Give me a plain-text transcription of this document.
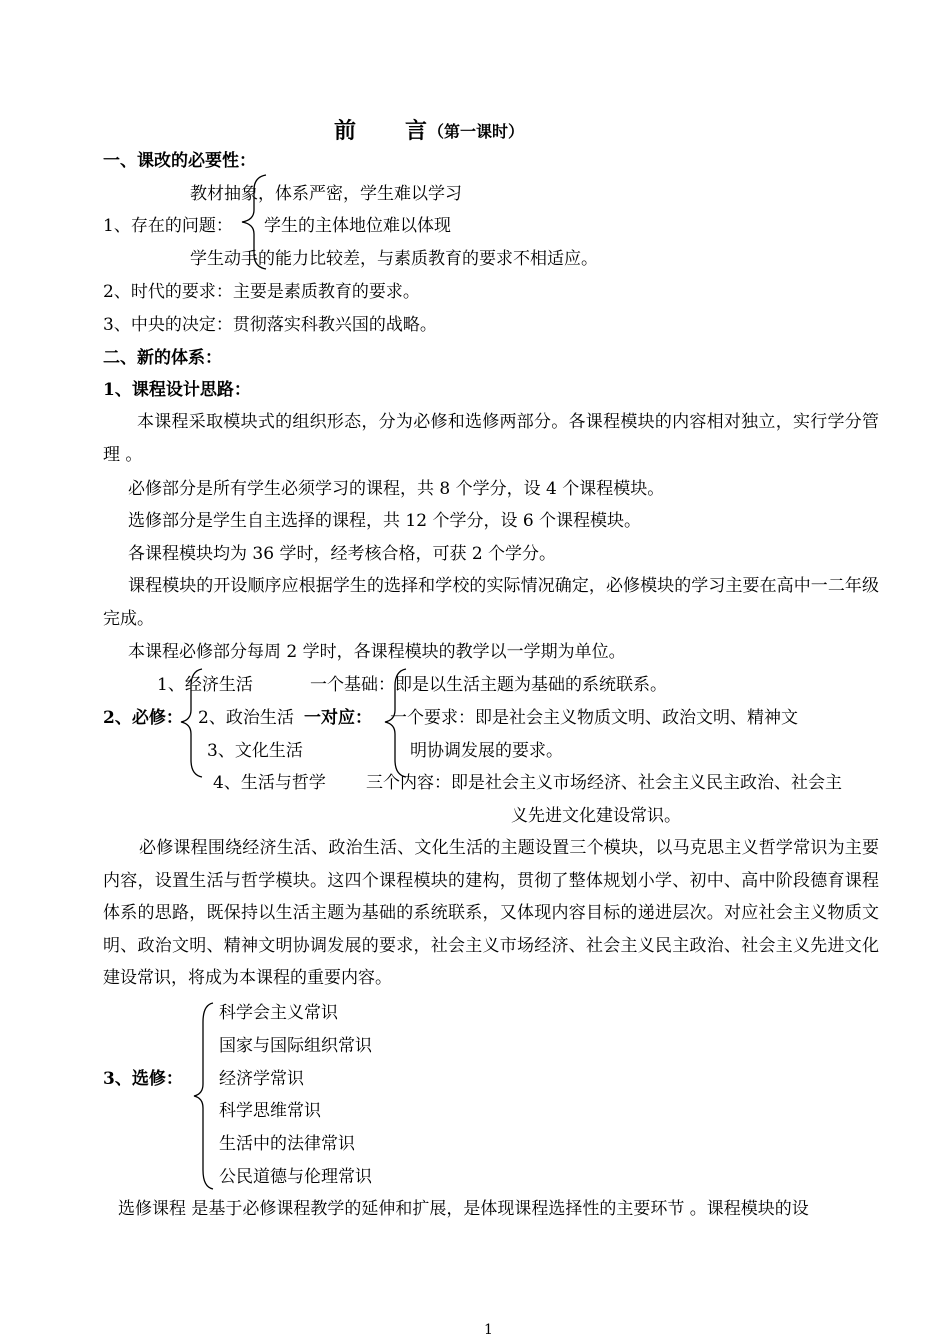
前 言 （第一课时）
一、课改的必要性：
教材抽象，体系严密，学生难以学习
1、存在的问题： 学生的主体地位难以体现
学生动手的能力比较差，与素质教育的要求不相适应。
2、时代的要求：主要是素质教育的要求。
3、中央的决定：贯彻落实科教兴国的战略。
二、新的体系：
1、课程设计思路：
本课程采取模块式的组织形态，分为必修和选修两部分。各课程模块的内容相对独立，实行学分管理 。
必修部分是所有学生必须学习的课程，共 8 个学分，设 4 个课程模块。
选修部分是学生自主选择的课程，共 12 个学分，设 6 个课程模块。
各课程模块均为 36 学时，经考核合格，可获 2 个学分。
课程模块的开设顺序应根据学生的选择和学校的实际情况确定，必修模块的学习主要在高中一二年级完成。
本课程必修部分每周 2 学时，各课程模块的教学以一学期为单位。
1、经济生活
2、必修： 2、政治生活 一对应：
3、文化生活
4、生活与哲学
一个基础：即是以生活主题为基础的系统联系。
一个要求：即是社会主义物质文明、政治文明、精神文
明协调发展的要求。
三个内容：即是社会主义市场经济、社会主义民主政治、社会主
义先进文化建设常识。
必修课程围绕经济生活、政治生活、文化生活的主题设置三个模块，以马克思主义哲学常识为主要内容，设置生活与哲学模块。这四个课程模块的建构，贯彻了整体规划小学、初中、高中阶段德育课程体系的思路，既保持以生活主题为基础的系统联系，又体现内容目标的递进层次。对应社会主义物质文明、政治文明、精神文明协调发展的要求，社会主义市场经济、社会主义民主政治、社会主义先进文化建设常识，将成为本课程的重要内容。
科学会主义常识
国家与国际组织常识
3、选修： 经济学常识
科学思维常识
生活中的法律常识
公民道德与伦理常识
选修课程 是基于必修课程教学的延伸和扩展，是体现课程选择性的主要环节 。课程模块的设
1
